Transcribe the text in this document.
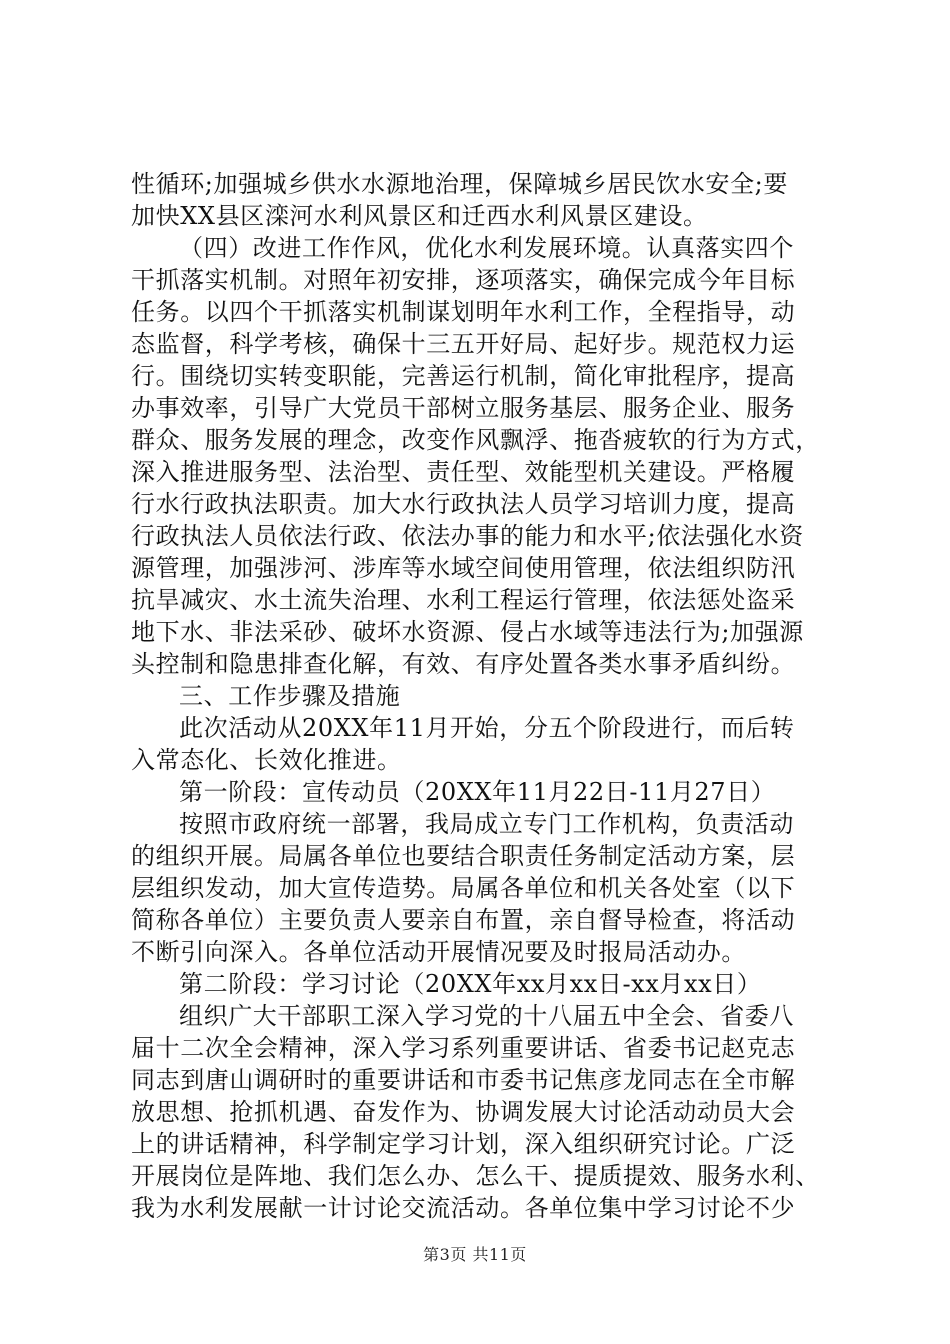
性循环;加强城乡供水水源地治理，保障城乡居民饮水安全;要
加快XX县区滦河水利风景区和迁西水利风景区建设。
（四）改进工作作风，优化水利发展环境。认真落实四个
干抓落实机制。对照年初安排，逐项落实，确保完成今年目标
任务。以四个干抓落实机制谋划明年水利工作，全程指导，动
态监督，科学考核，确保十三五开好局、起好步。规范权力运
行。围绕切实转变职能，完善运行机制，简化审批程序，提高
办事效率，引导广大党员干部树立服务基层、服务企业、服务
群众、服务发展的理念，改变作风飘浮、拖沓疲软的行为方式，
深入推进服务型、法治型、责任型、效能型机关建设。严格履
行水行政执法职责。加大水行政执法人员学习培训力度，提高
行政执法人员依法行政、依法办事的能力和水平;依法强化水资
源管理，加强涉河、涉库等水域空间使用管理，依法组织防汛
抗旱减灾、水土流失治理、水利工程运行管理，依法惩处盗采
地下水、非法采砂、破坏水资源、侵占水域等违法行为;加强源
头控制和隐患排查化解，有效、有序处置各类水事矛盾纠纷。
三、工作步骤及措施
此次活动从20XX年11月开始，分五个阶段进行，而后转
入常态化、长效化推进。
第一阶段：宣传动员（20XX年11月22日-11月27日）
按照市政府统一部署，我局成立专门工作机构，负责活动
的组织开展。局属各单位也要结合职责任务制定活动方案，层
层组织发动，加大宣传造势。局属各单位和机关各处室（以下
简称各单位）主要负责人要亲自布置，亲自督导检查，将活动
不断引向深入。各单位活动开展情况要及时报局活动办。
第二阶段：学习讨论（20XX年xx月xx日-xx月xx日）
组织广大干部职工深入学习党的十八届五中全会、省委八
届十二次全会精神，深入学习系列重要讲话、省委书记赵克志
同志到唐山调研时的重要讲话和市委书记焦彦龙同志在全市解
放思想、抢抓机遇、奋发作为、协调发展大讨论活动动员大会
上的讲话精神，科学制定学习计划，深入组织研究讨论。广泛
开展岗位是阵地、我们怎么办、怎么干、提质提效、服务水利、
我为水利发展献一计讨论交流活动。各单位集中学习讨论不少
第3页 共11页
